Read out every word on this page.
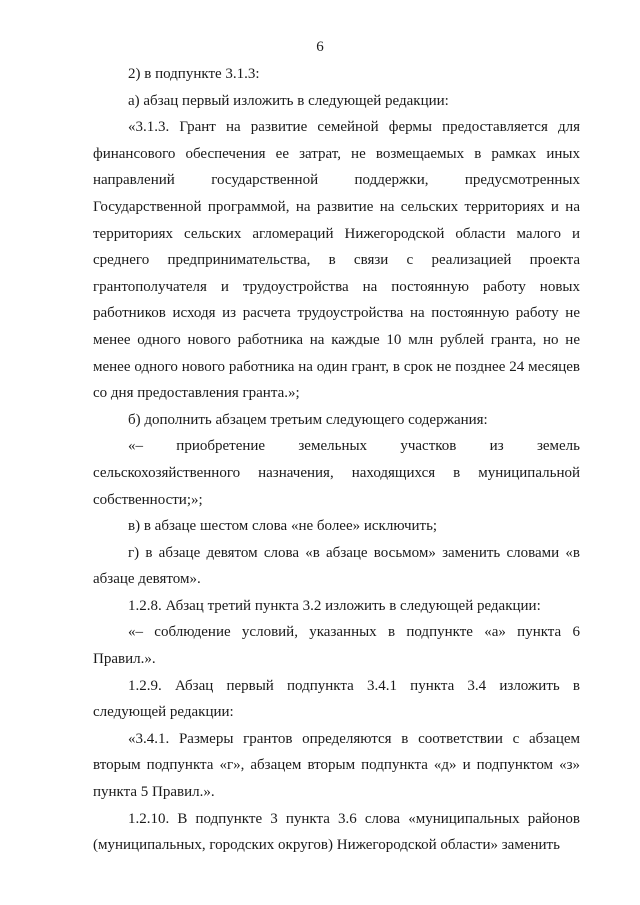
6

2) в подпункте 3.1.3:

а) абзац первый изложить в следующей редакции:

«3.1.3. Грант на развитие семейной фермы предоставляется для финансового обеспечения ее затрат, не возмещаемых в рамках иных направлений государственной поддержки, предусмотренных Государственной программой, на развитие на сельских территориях и на территориях сельских агломераций Нижегородской области малого и среднего предпринимательства, в связи с реализацией проекта грантополучателя и трудоустройства на постоянную работу новых работников исходя из расчета трудоустройства на постоянную работу не менее одного нового работника на каждые 10 млн рублей гранта, но не менее одного нового работника на один грант, в срок не позднее 24 месяцев со дня предоставления гранта.»;

б) дополнить абзацем третьим следующего содержания:

«– приобретение земельных участков из земель сельскохозяйственного назначения, находящихся в муниципальной собственности;»;

в) в абзаце шестом слова «не более» исключить;

г) в абзаце девятом слова «в абзаце восьмом» заменить словами «в абзаце девятом».

1.2.8. Абзац третий пункта 3.2 изложить в следующей редакции:

«– соблюдение условий, указанных в подпункте «а» пункта 6 Правил.».

1.2.9. Абзац первый подпункта 3.4.1 пункта 3.4 изложить в следующей редакции:

«3.4.1. Размеры грантов определяются в соответствии с абзацем вторым подпункта «г», абзацем вторым подпункта «д» и подпунктом «з» пункта 5 Правил.».

1.2.10. В подпункте 3 пункта 3.6 слова «муниципальных районов (муниципальных, городских округов) Нижегородской области» заменить
